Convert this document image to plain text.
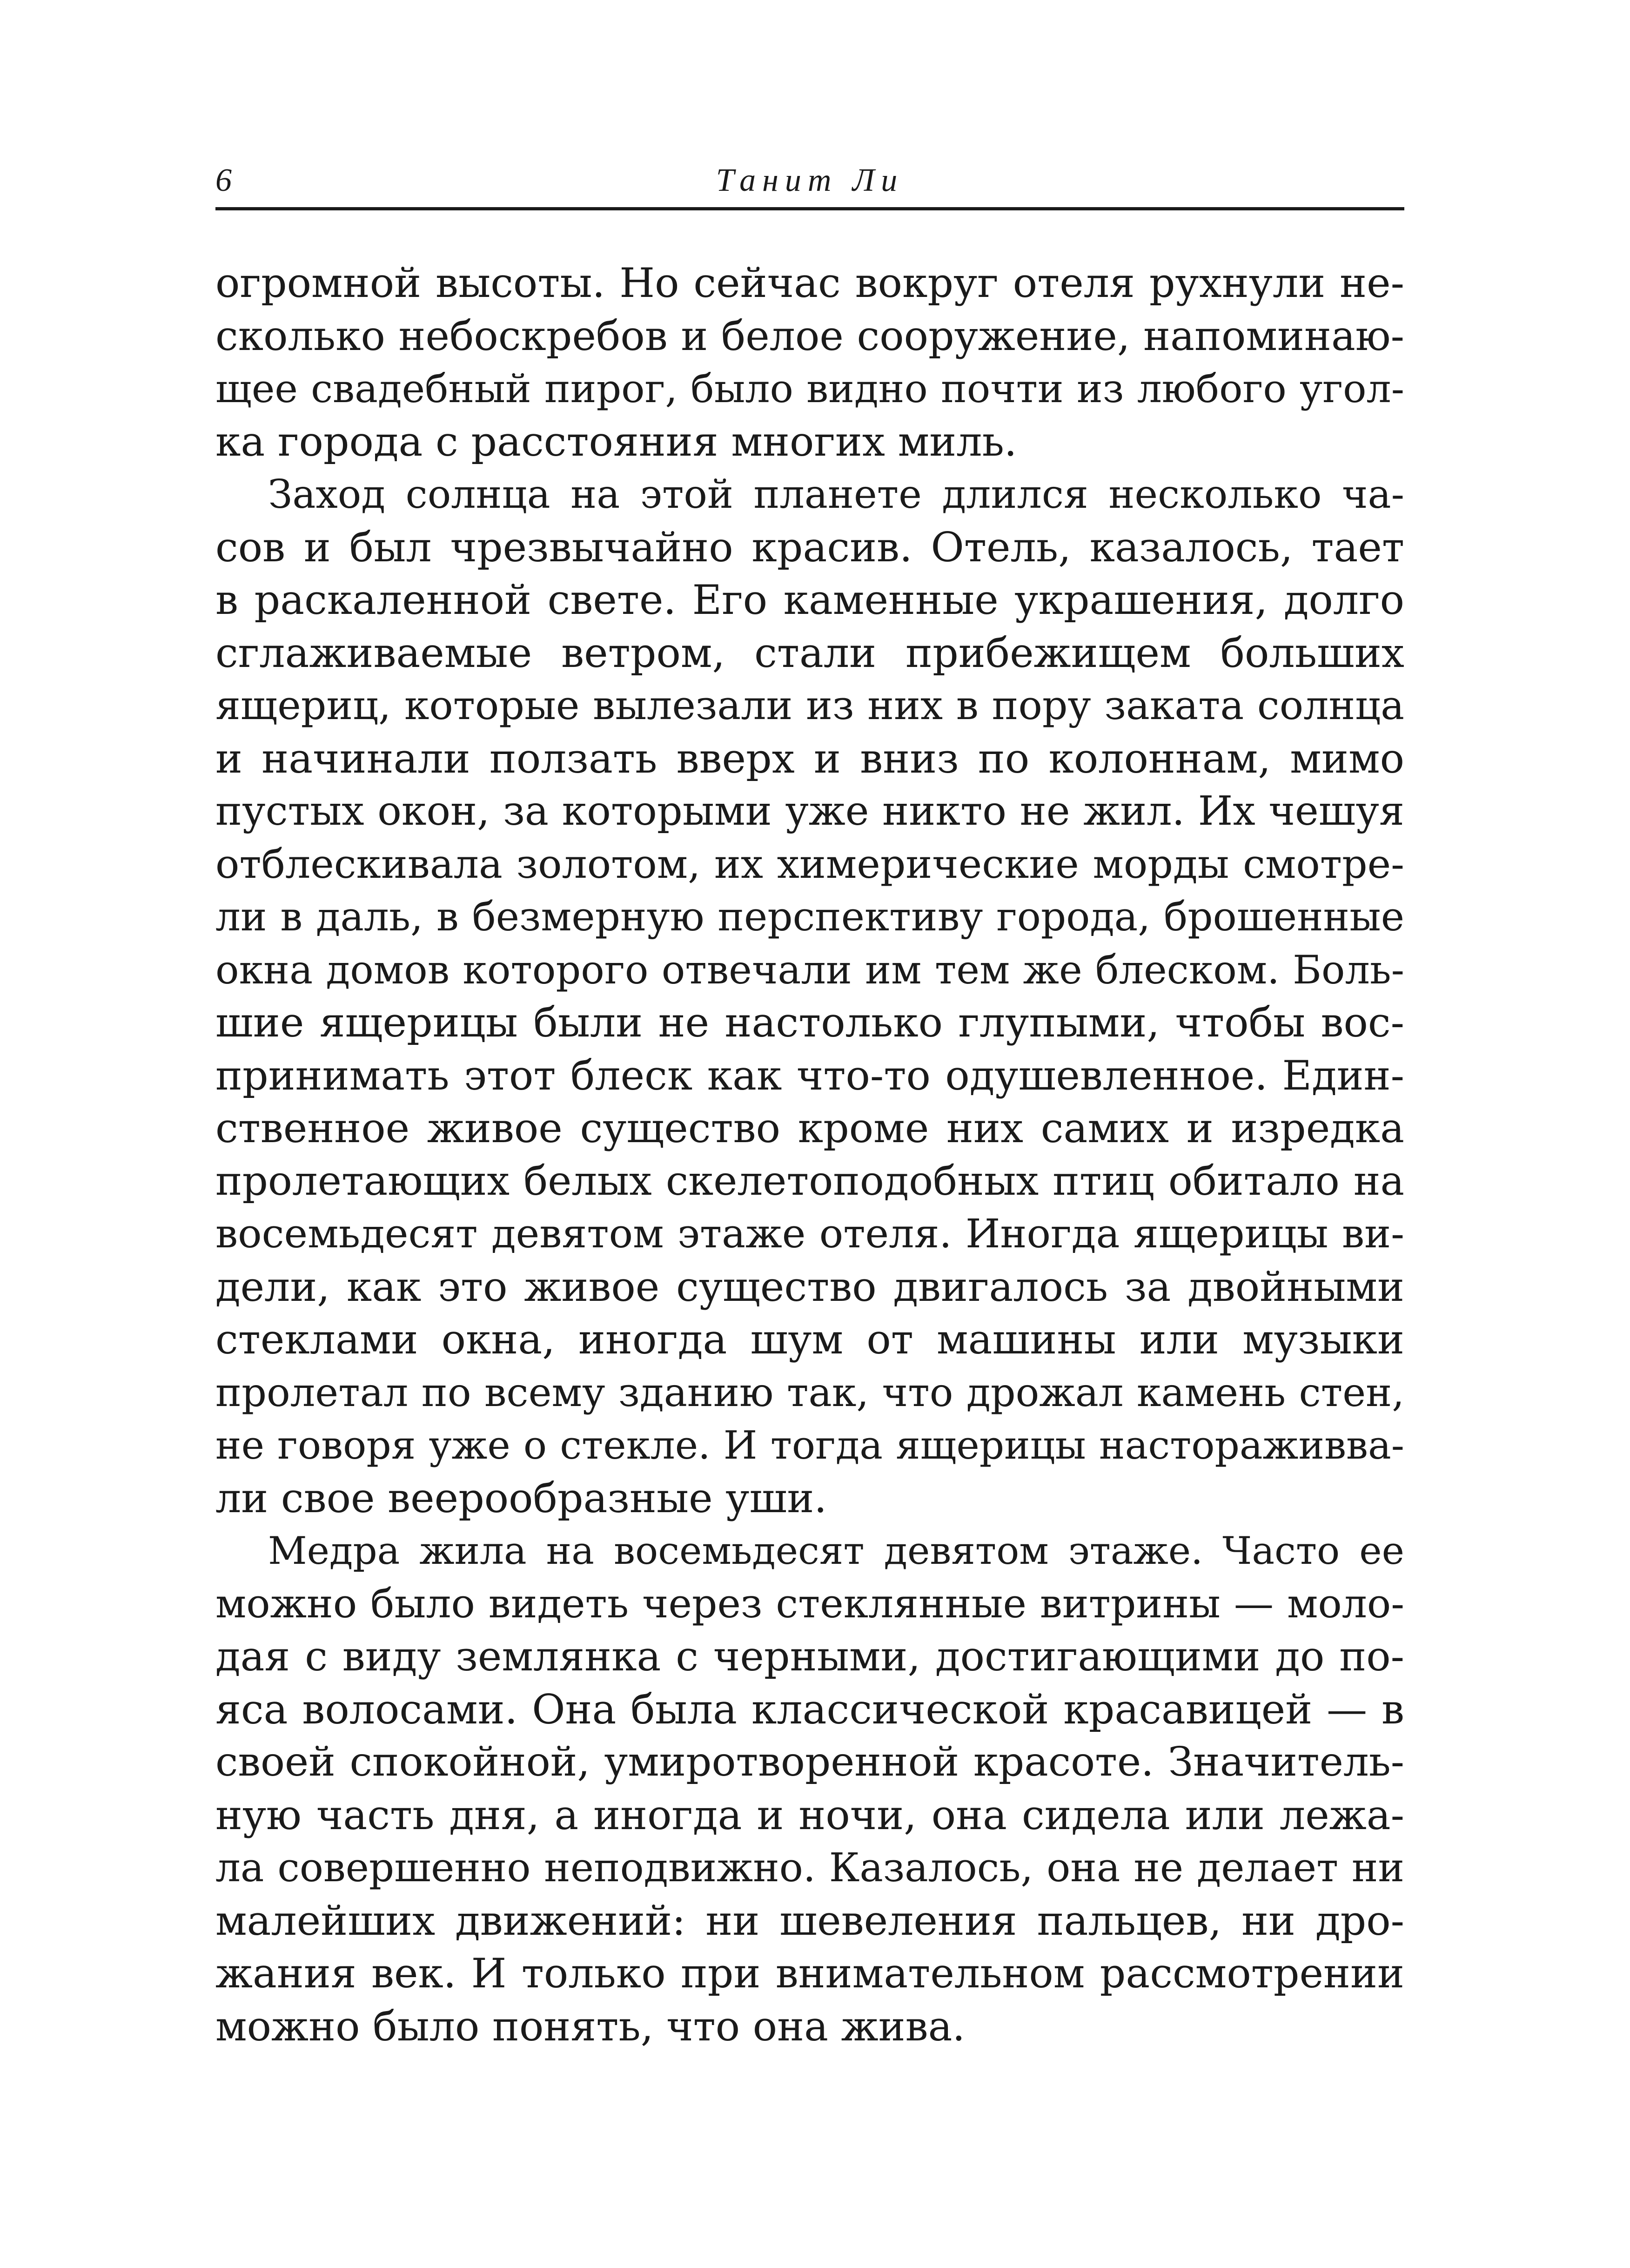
6	Танит Ли

огромной высоты. Но сейчас вокруг отеля рухнули не-
сколько небоскребов и белое сооружение, напоминаю-
щее свадебный пирог, было видно почти из любого угол-
ка города с расстояния многих миль.

Заход солнца на этой планете длился несколько ча-
сов и был чрезвычайно красив. Отель, казалось, тает
в раскаленной свете. Его каменные украшения, долго
сглаживаемые ветром, стали прибежищем больших
ящериц, которые вылезали из них в пору заката солнца
и начинали ползать вверх и вниз по колоннам, мимо
пустых окон, за которыми уже никто не жил. Их чешуя
отблескивала золотом, их химерические морды смотре-
ли в даль, в безмерную перспективу города, брошенные
окна домов которого отвечали им тем же блеском. Боль-
шие ящерицы были не настолько глупыми, чтобы вос-
принимать этот блеск как что-то одушевленное. Един-
ственное живое существо кроме них самих и изредка
пролетающих белых скелетоподобных птиц обитало на
восемьдесят девятом этаже отеля. Иногда ящерицы ви-
дели, как это живое существо двигалось за двойными
стеклами окна, иногда шум от машины или музыки
пролетал по всему зданию так, что дрожал камень стен,
не говоря уже о стекле. И тогда ящерицы настораживва-
ли свое веерообразные уши.

Медра жила на восемьдесят девятом этаже. Часто ее
можно было видеть через стеклянные витрины — моло-
дая с виду землянка с черными, достигающими до по-
яса волосами. Она была классической красавицей — в
своей спокойной, умиротворенной красоте. Значитель-
ную часть дня, а иногда и ночи, она сидела или лежа-
ла совершенно неподвижно. Казалось, она не делает ни
малейших движений: ни шевеления пальцев, ни дро-
жания век. И только при внимательном рассмотрении
можно было понять, что она жива.
